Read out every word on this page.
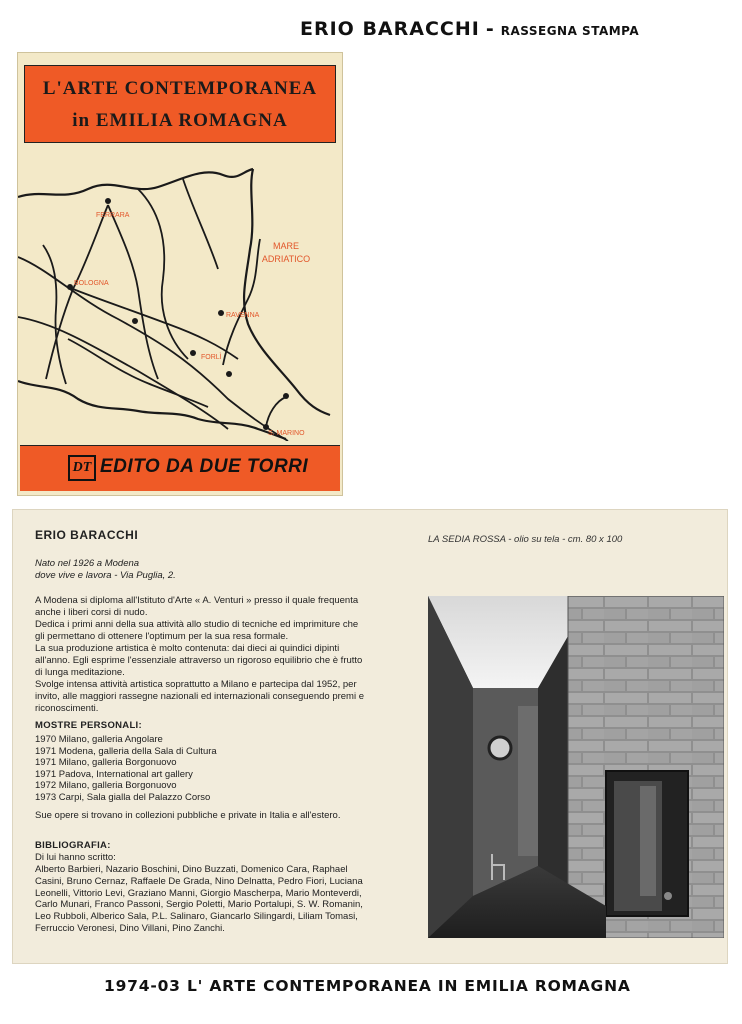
ERIO BARACCHI - RASSEGNA STAMPA
L'ARTE CONTEMPORANEA
in EMILIA ROMAGNA
FERRARA
MARE
ADRIATICO
BOLOGNA
RAVENNA
FORLÌ
S. MARINO
DT EDITO DA DUE TORRI
ERIO BARACCHI
Nato nel 1926 a Modena
dove vive e lavora - Via Puglia, 2.

A Modena si diploma all'Istituto d'Arte « A. Venturi » presso il quale frequenta anche i liberi corsi di nudo.

Dedica i primi anni della sua attività allo studio di tecniche ed imprimiture che gli permettano di ottenere l'optimum per la sua resa formale.

La sua produzione artistica è molto contenuta: dai dieci ai quindici dipinti all'anno. Egli esprime l'essenziale attraverso un rigoroso equilibrio che è frutto di lunga meditazione.

Svolge intensa attività artistica soprattutto a Milano e partecipa dal 1952, per invito, alle maggiori rassegne nazionali ed internazionali conseguendo premi e riconoscimenti.

MOSTRE PERSONALI:
1970 Milano, galleria Angolare
1971 Modena, galleria della Sala di Cultura
1971 Milano, galleria Borgonuovo
1971 Padova, International art gallery
1972 Milano, galleria Borgonuovo
1973 Carpi, Sala gialla del Palazzo Corso
Sue opere si trovano in collezioni pubbliche e private in Italia e all'estero.
BIBLIOGRAFIA:
Di lui hanno scritto:
Alberto Barbieri, Nazario Boschini, Dino Buzzati, Domenico Cara, Raphael Casini, Bruno Cernaz, Raffaele De Grada, Nino Delnatta, Pedro Fiori, Luciana Leonelli, Vittorio Levi, Graziano Manni, Giorgio Mascherpa, Mario Monteverdi, Carlo Munari, Franco Passoni, Sergio Poletti, Mario Portalupi, S. W. Romanin, Leo Rubboli, Alberico Sala, P.L. Salinaro, Giancarlo Silingardi, Liliam Tomasi, Ferruccio Veronesi, Dino Villani, Pino Zanchi.
LA SEDIA ROSSA - olio su tela - cm. 80 x 100
1974-03 L' ARTE CONTEMPORANEA IN EMILIA ROMAGNA
